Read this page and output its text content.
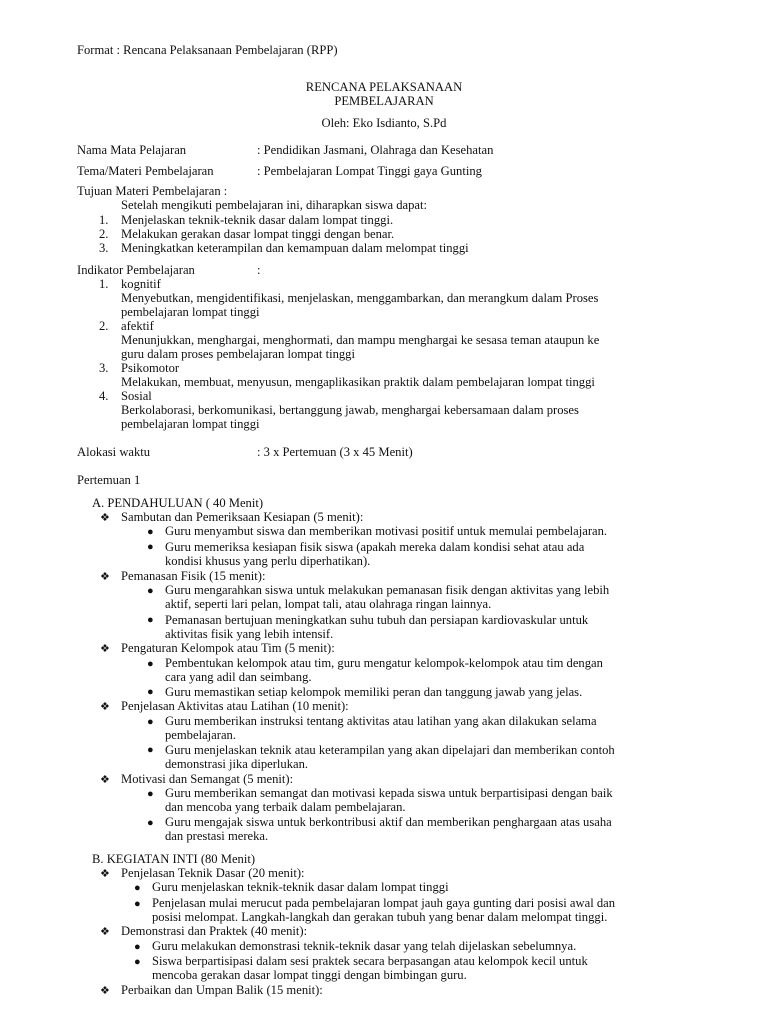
Format : Rencana Pelaksanaan Pembelajaran (RPP)
RENCANA PELAKSANAAN
PEMBELAJARAN
Oleh: Eko Isdianto, S.Pd
Nama Mata Pelajaran	: Pendidikan Jasmani, Olahraga dan Kesehatan
Tema/Materi Pembelajaran	: Pembelajaran Lompat Tinggi gaya Gunting
Tujuan Materi Pembelajaran :
Setelah mengikuti pembelajaran ini, diharapkan siswa dapat:
1. Menjelaskan teknik-teknik dasar dalam lompat tinggi.
2. Melakukan gerakan dasar lompat tinggi dengan benar.
3. Meningkatkan keterampilan dan kemampuan dalam melompat tinggi
Indikator Pembelajaran	:
1. kognitif
Menyebutkan, mengidentifikasi, menjelaskan, menggambarkan, dan merangkum dalam Proses
pembelajaran lompat tinggi
2. afektif
Menunjukkan, menghargai, menghormati, dan mampu menghargai ke sesasa teman ataupun ke
guru dalam proses pembelajaran lompat tinggi
3. Psikomotor
Melakukan, membuat, menyusun, mengaplikasikan praktik dalam pembelajaran lompat tinggi
4. Sosial
Berkolaborasi, berkomunikasi, bertanggung jawab, menghargai kebersamaan dalam proses
pembelajaran lompat tinggi
Alokasi waktu	: 3 x Pertemuan (3 x 45 Menit)
Pertemuan 1
A. PENDAHULUAN ( 40 Menit)
❖ Sambutan dan Pemeriksaan Kesiapan (5 menit):
● Guru menyambut siswa dan memberikan motivasi positif untuk memulai pembelajaran.
● Guru memeriksa kesiapan fisik siswa (apakah mereka dalam kondisi sehat atau ada
kondisi khusus yang perlu diperhatikan).
❖ Pemanasan Fisik (15 menit):
● Guru mengarahkan siswa untuk melakukan pemanasan fisik dengan aktivitas yang lebih
aktif, seperti lari pelan, lompat tali, atau olahraga ringan lainnya.
● Pemanasan bertujuan meningkatkan suhu tubuh dan persiapan kardiovaskular untuk
aktivitas fisik yang lebih intensif.
❖ Pengaturan Kelompok atau Tim (5 menit):
● Pembentukan kelompok atau tim, guru mengatur kelompok-kelompok atau tim dengan
cara yang adil dan seimbang.
● Guru memastikan setiap kelompok memiliki peran dan tanggung jawab yang jelas.
❖ Penjelasan Aktivitas atau Latihan (10 menit):
● Guru memberikan instruksi tentang aktivitas atau latihan yang akan dilakukan selama
pembelajaran.
● Guru menjelaskan teknik atau keterampilan yang akan dipelajari dan memberikan contoh
demonstrasi jika diperlukan.
❖ Motivasi dan Semangat (5 menit):
● Guru memberikan semangat dan motivasi kepada siswa untuk berpartisipasi dengan baik
dan mencoba yang terbaik dalam pembelajaran.
● Guru mengajak siswa untuk berkontribusi aktif dan memberikan penghargaan atas usaha
dan prestasi mereka.
B. KEGIATAN INTI (80 Menit)
❖ Penjelasan Teknik Dasar (20 menit):
● Guru menjelaskan teknik-teknik dasar dalam lompat tinggi
● Penjelasan mulai merucut pada pembelajaran lompat jauh gaya gunting dari posisi awal dan
posisi melompat. Langkah-langkah dan gerakan tubuh yang benar dalam melompat tinggi.
❖ Demonstrasi dan Praktek (40 menit):
● Guru melakukan demonstrasi teknik-teknik dasar yang telah dijelaskan sebelumnya.
● Siswa berpartisipasi dalam sesi praktek secara berpasangan atau kelompok kecil untuk
mencoba gerakan dasar lompat tinggi dengan bimbingan guru.
❖ Perbaikan dan Umpan Balik (15 menit):
